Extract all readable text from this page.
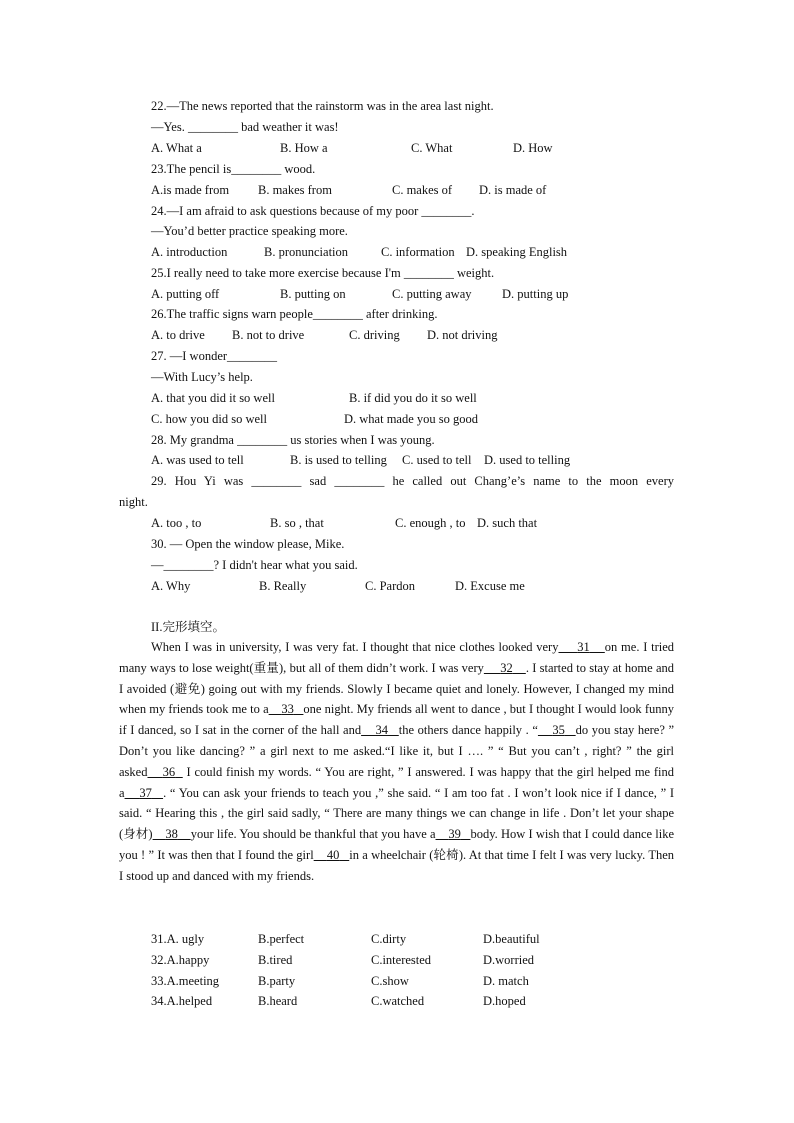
22.—The news reported that the rainstorm was in the area last night.
—Yes. ________ bad weather it was!
A. What a	B. How a	C. What	D. How
23.The pencil is________ wood.
A.is made from B. makes from	C. makes of D. is made of
24.—I am afraid to ask questions because of my poor ________.
—You’d better practice speaking more.
A. introduction	B. pronunciation	C. information D. speaking English
25.I really need to take more exercise because I'm ________ weight.
A. putting off	B. putting on	C. putting away D. putting up
26.The traffic signs warn people________ after drinking.
A. to drive B. not to drive	C. driving D. not driving
27. —I wonder________
—With Lucy’s help.
A. that you did it so well	B. if did you do it so well
C. how you did so well	D. what made you so good
28. My grandma ________ us stories when I was young.
A. was used to tell	B. is used to telling C. used to tell D. used to telling
29. Hou Yi was ________ sad ________ he called out Chang’e’s name to the moon every
night.
A. too , to	B. so , that	C. enough , to D. such that
30. — Open the window please, Mike.
—________? I didn't hear what you said.
A. Why	B. Really	C. Pardon	D. Excuse me
II.完形填空。
When I was in university, I was very fat. I thought that nice clothes looked very 31 on me. I tried many ways to lose weight(重量), but all of them didn’t work. I was very 32 . I started to stay at home and I avoided (避免) going out with my friends. Slowly I became quiet and lonely. However, I changed my mind when my friends took me to a 33 one night. My friends all went to dance , but I thought I would look funny if I danced, so I sat in the corner of the hall and 34 the others dance happily . “ 35 do you stay here? ” Don’t you like dancing? ” a girl next to me asked.“I like it, but I …. ” “ But you can’t , right? ” the girl asked 36 I could finish my words. “ You are right, ” I answered. I was happy that the girl helped me find a 37 . “ You can ask your friends to teach you ,” she said. “ I am too fat . I won’t look nice if I dance, ” I said. “ Hearing this , the girl said sadly, “ There are many things we can change in life . Don’t let your shape (身材) 38 your life. You should be thankful that you have a 39 body. How I wish that I could dance like you ! ” It was then that I found the girl 40 in a wheelchair (轮椅). At that time I felt I was very lucky. Then I stood up and danced with my friends.
31.A. ugly	B.perfect	C.dirty	D.beautiful
32.A.happy	B.tired	C.interested	D.worried
33.A.meeting	B.party	C.show	D. match
34.A.helped	B.heard	C.watched	D.hoped
